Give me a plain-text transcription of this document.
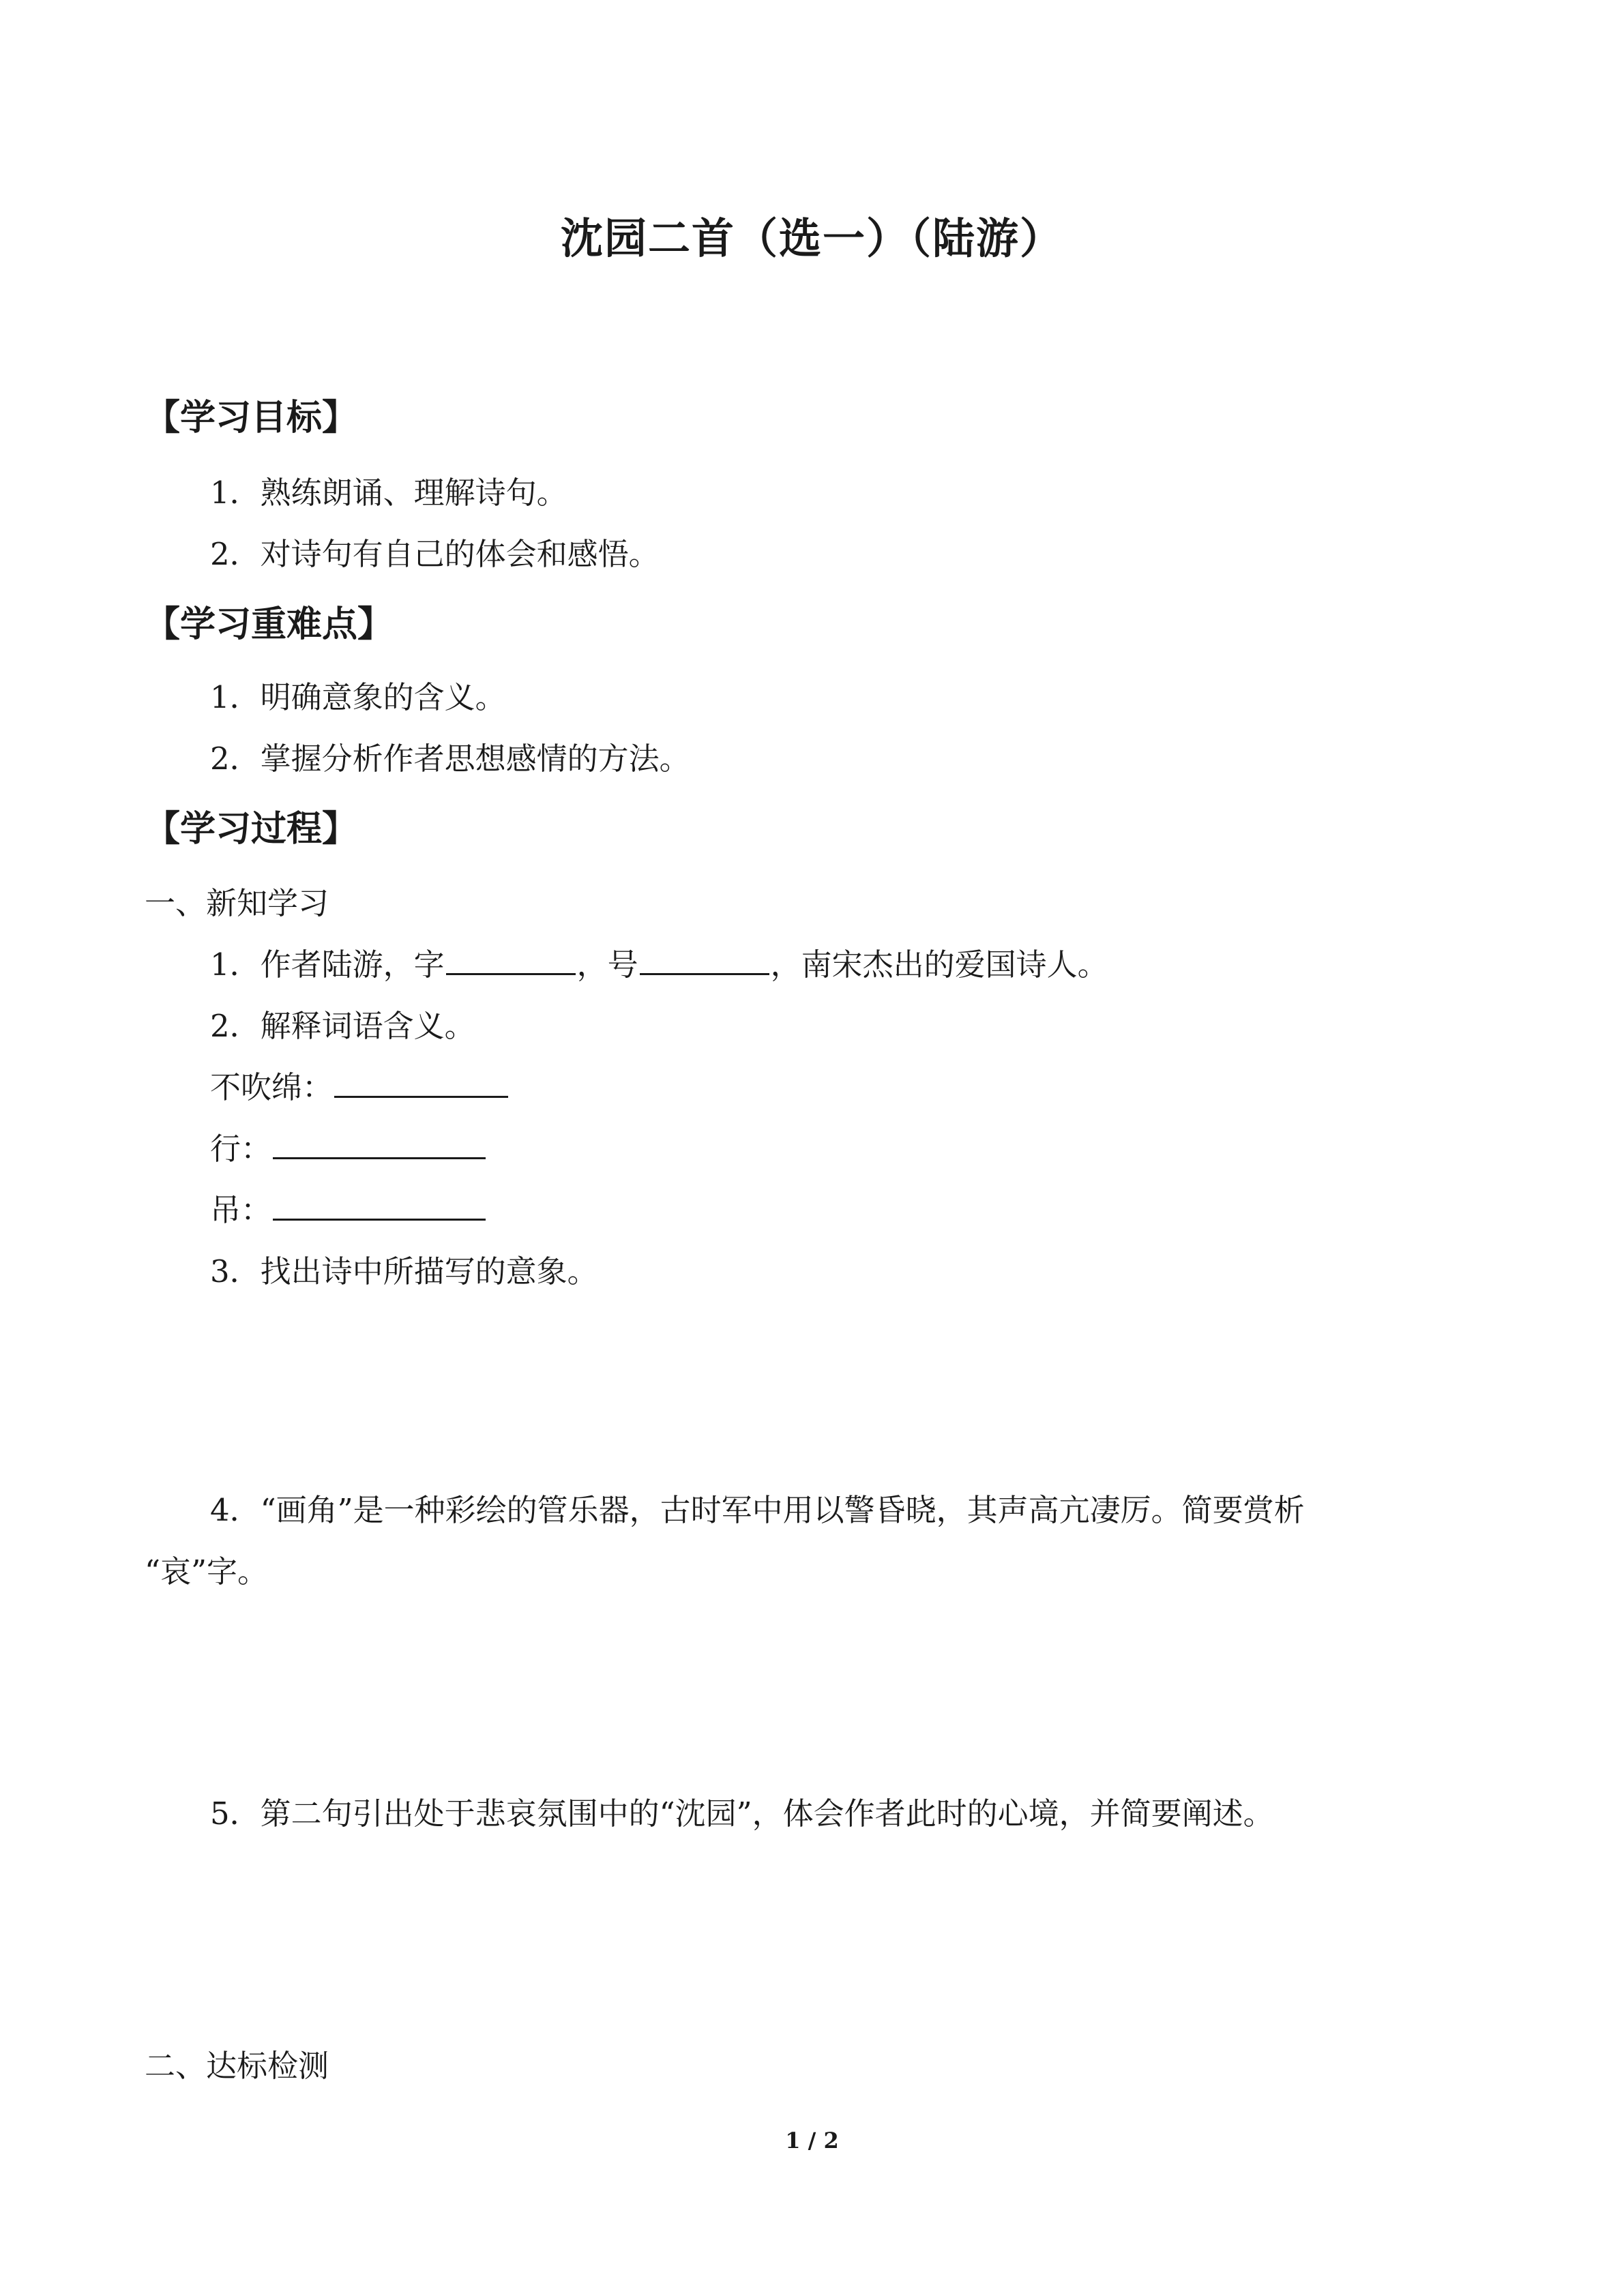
沈园二首（选一）（陆游）
【学习目标】
1．熟练朗诵、理解诗句。
2．对诗句有自己的体会和感悟。
【学习重难点】
1．明确意象的含义。
2．掌握分析作者思想感情的方法。
【学习过程】
一、新知学习
1．作者陆游，字	，号	，南宋杰出的爱国诗人。
2．解释词语含义。
不吹绵：
行：
吊：
3．找出诗中所描写的意象。
4．“画角”是一种彩绘的管乐器，古时军中用以警昏晓，其声高亢凄厉。简要赏析
“哀”字。
5．第二句引出处于悲哀氛围中的“沈园”，体会作者此时的心境，并简要阐述。
二、达标检测
1 / 2
